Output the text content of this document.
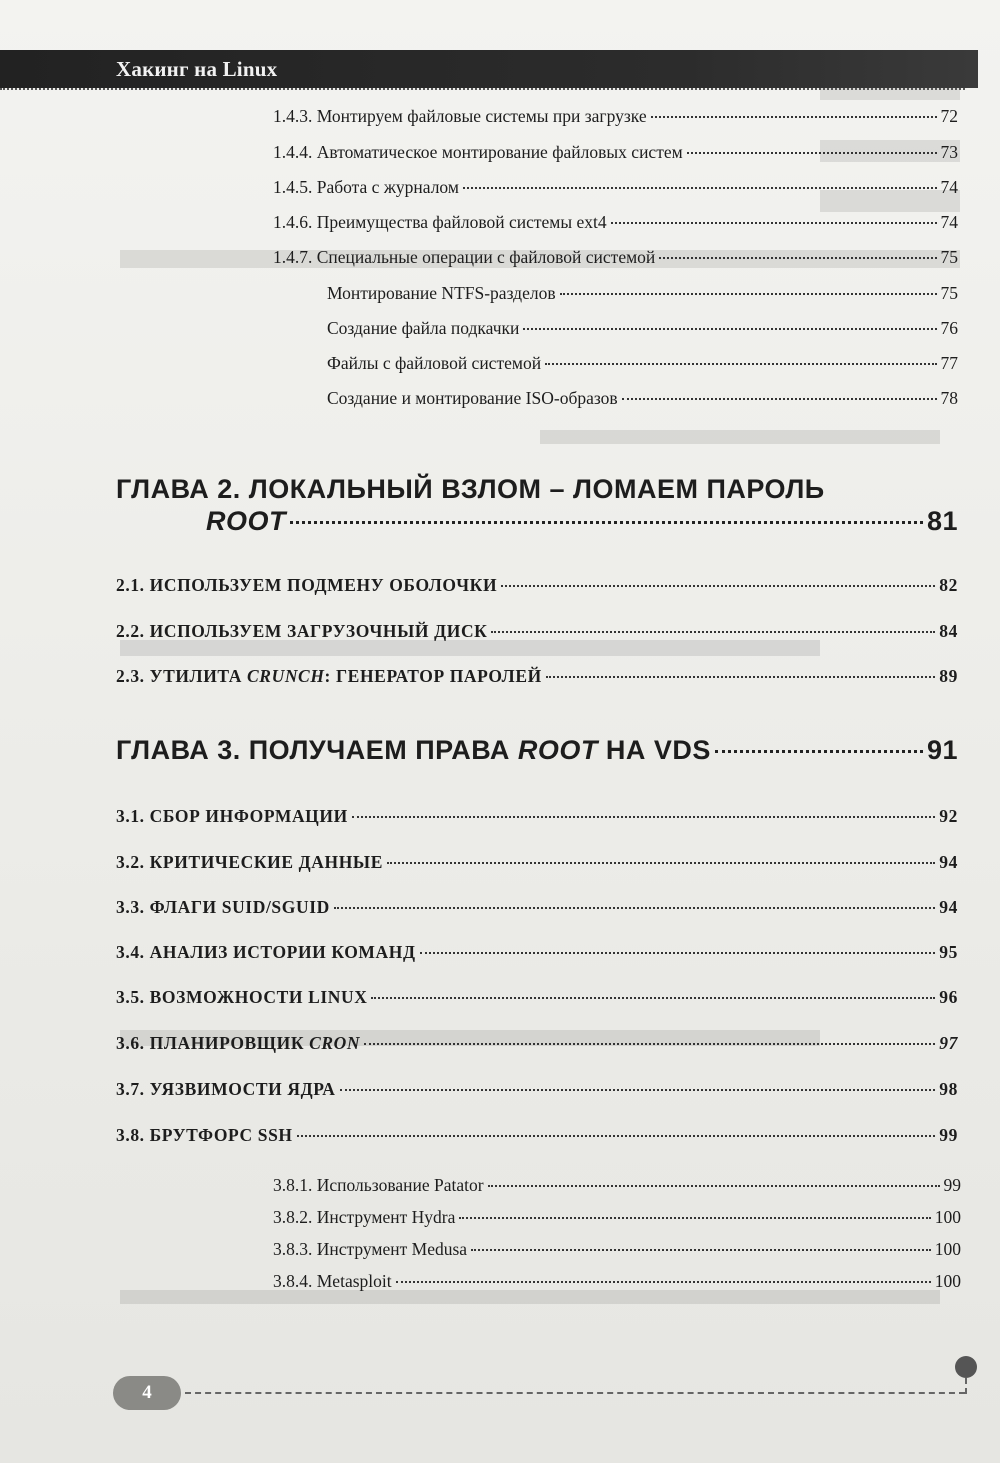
Хакинг на Linux
1.4.3. Монтируем файловые системы при загрузке	72
1.4.4. Автоматическое монтирование файловых систем	73
1.4.5. Работа с журналом	74
1.4.6. Преимущества файловой системы ext4	74
1.4.7. Специальные операции с файловой системой	75
Монтирование NTFS-разделов	75
Создание файла подкачки	76
Файлы с файловой системой	77
Создание и монтирование ISO-образов	78
ГЛАВА 2. ЛОКАЛЬНЫЙ ВЗЛОМ – ЛОМАЕМ ПАРОЛЬ
ROOT	81
2.1. ИСПОЛЬЗУЕМ ПОДМЕНУ ОБОЛОЧКИ	82
2.2. ИСПОЛЬЗУЕМ ЗАГРУЗОЧНЫЙ ДИСК	84
2.3. УТИЛИТА CRUNCH: ГЕНЕРАТОР ПАРОЛЕЙ	89
ГЛАВА 3. ПОЛУЧАЕМ ПРАВА ROOT НА VDS	91
3.1. СБОР ИНФОРМАЦИИ	92
3.2. КРИТИЧЕСКИЕ ДАННЫЕ	94
3.3. ФЛАГИ SUID/SGUID	94
3.4. АНАЛИЗ ИСТОРИИ КОМАНД	95
3.5. ВОЗМОЖНОСТИ LINUX	96
3.6. ПЛАНИРОВЩИК CRON	97
3.7. УЯЗВИМОСТИ ЯДРА	98
3.8. БРУТФОРС SSH	99
3.8.1. Использование Patator	99
3.8.2. Инструмент Hydra	100
3.8.3. Инструмент Medusa	100
3.8.4. Metasploit	100
4
